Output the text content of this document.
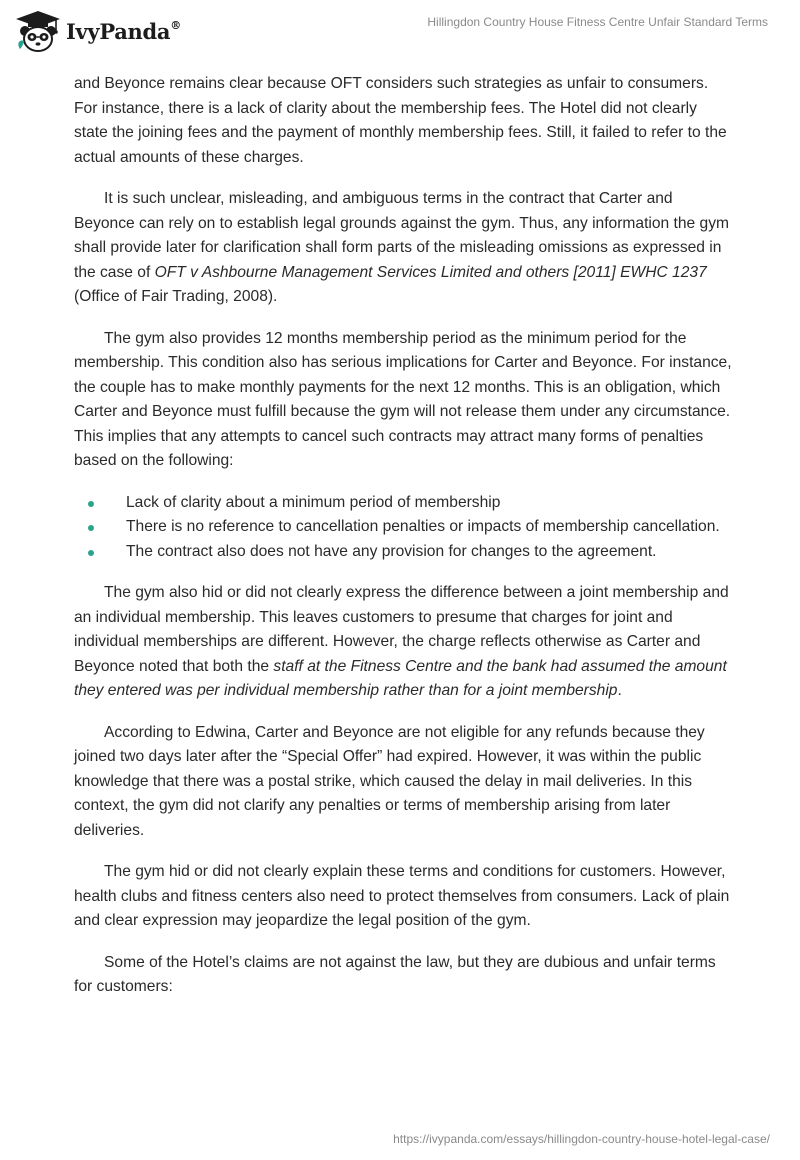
IvyPanda®	Hillingdon Country House Fitness Centre Unfair Standard Terms

and Beyonce remains clear because OFT considers such strategies as unfair to consumers. For instance, there is a lack of clarity about the membership fees. The Hotel did not clearly state the joining fees and the payment of monthly membership fees. Still, it failed to refer to the actual amounts of these charges.

It is such unclear, misleading, and ambiguous terms in the contract that Carter and Beyonce can rely on to establish legal grounds against the gym. Thus, any information the gym shall provide later for clarification shall form parts of the misleading omissions as expressed in the case of OFT v Ashbourne Management Services Limited and others [2011] EWHC 1237 (Office of Fair Trading, 2008).

The gym also provides 12 months membership period as the minimum period for the membership. This condition also has serious implications for Carter and Beyonce. For instance, the couple has to make monthly payments for the next 12 months. This is an obligation, which Carter and Beyonce must fulfill because the gym will not release them under any circumstance. This implies that any attempts to cancel such contracts may attract many forms of penalties based on the following:

Lack of clarity about a minimum period of membership
There is no reference to cancellation penalties or impacts of membership cancellation.
The contract also does not have any provision for changes to the agreement.

The gym also hid or did not clearly express the difference between a joint membership and an individual membership. This leaves customers to presume that charges for joint and individual memberships are different. However, the charge reflects otherwise as Carter and Beyonce noted that both the staff at the Fitness Centre and the bank had assumed the amount they entered was per individual membership rather than for a joint membership.

According to Edwina, Carter and Beyonce are not eligible for any refunds because they joined two days later after the “Special Offer” had expired. However, it was within the public knowledge that there was a postal strike, which caused the delay in mail deliveries. In this context, the gym did not clarify any penalties or terms of membership arising from later deliveries.

The gym hid or did not clearly explain these terms and conditions for customers. However, health clubs and fitness centers also need to protect themselves from consumers. Lack of plain and clear expression may jeopardize the legal position of the gym.

Some of the Hotel’s claims are not against the law, but they are dubious and unfair terms for customers:

https://ivypanda.com/essays/hillingdon-country-house-hotel-legal-case/
